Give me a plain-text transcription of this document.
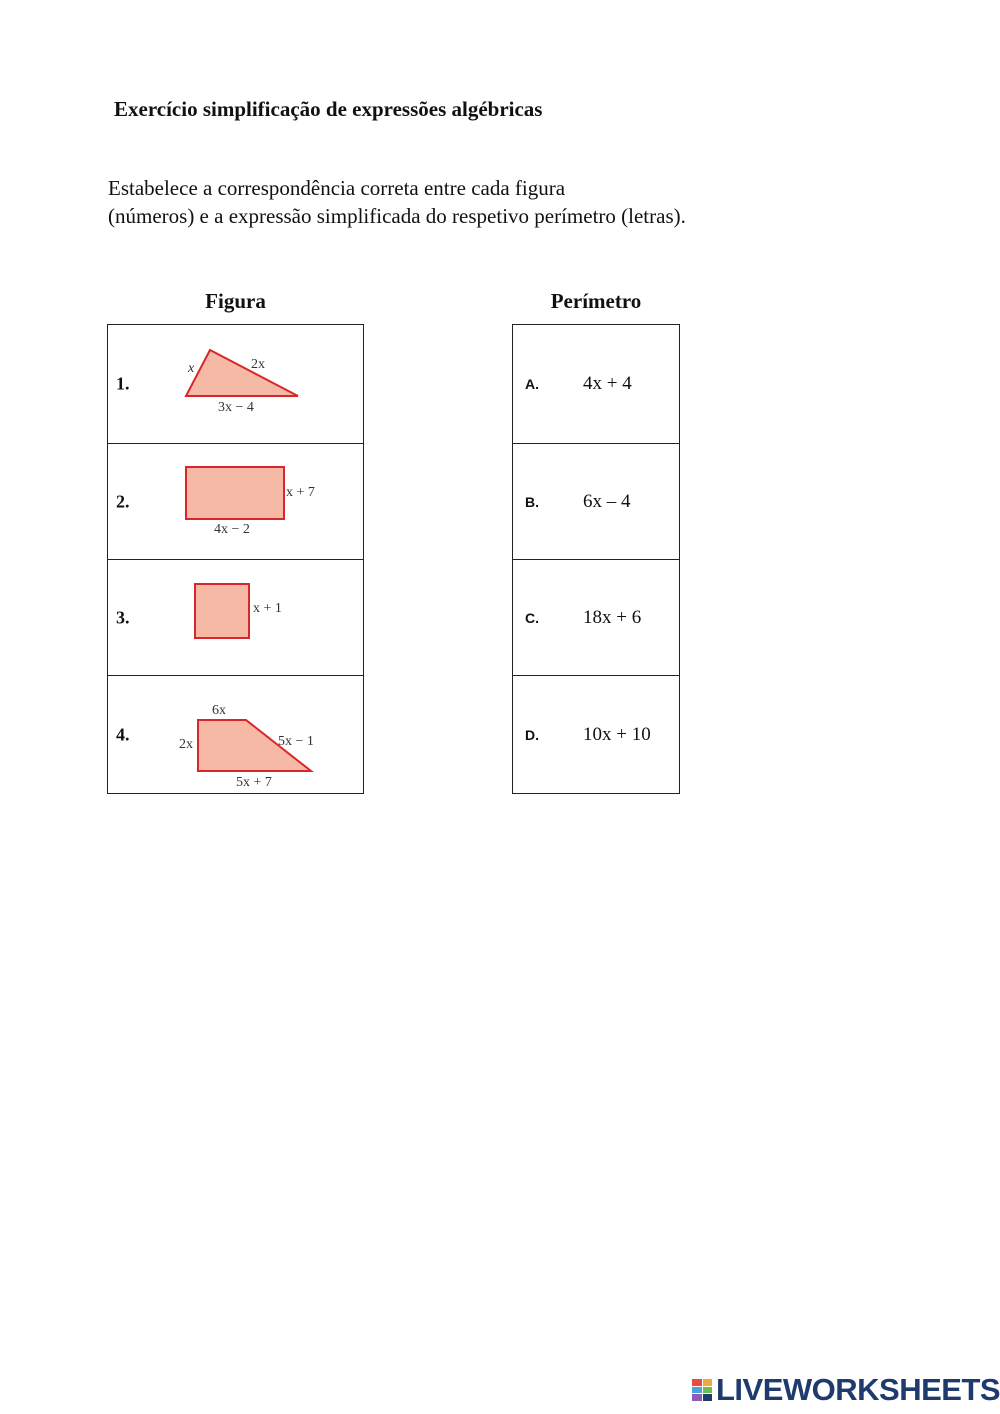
Exercício simplificação de expressões algébricas
Estabelece a correspondência correta entre cada figura
(números) e a expressão simplificada do respetivo perímetro (letras).
Figura	Perímetro
1.
x	2x
3x − 4

2.	x + 7
4x − 2

3.	x + 1

4.
6x
2x	5x − 1
5x + 7
A. 4x + 4

B. 6x – 4

C. 18x + 6

D. 10x + 10
LIVEWORKSHEETS
